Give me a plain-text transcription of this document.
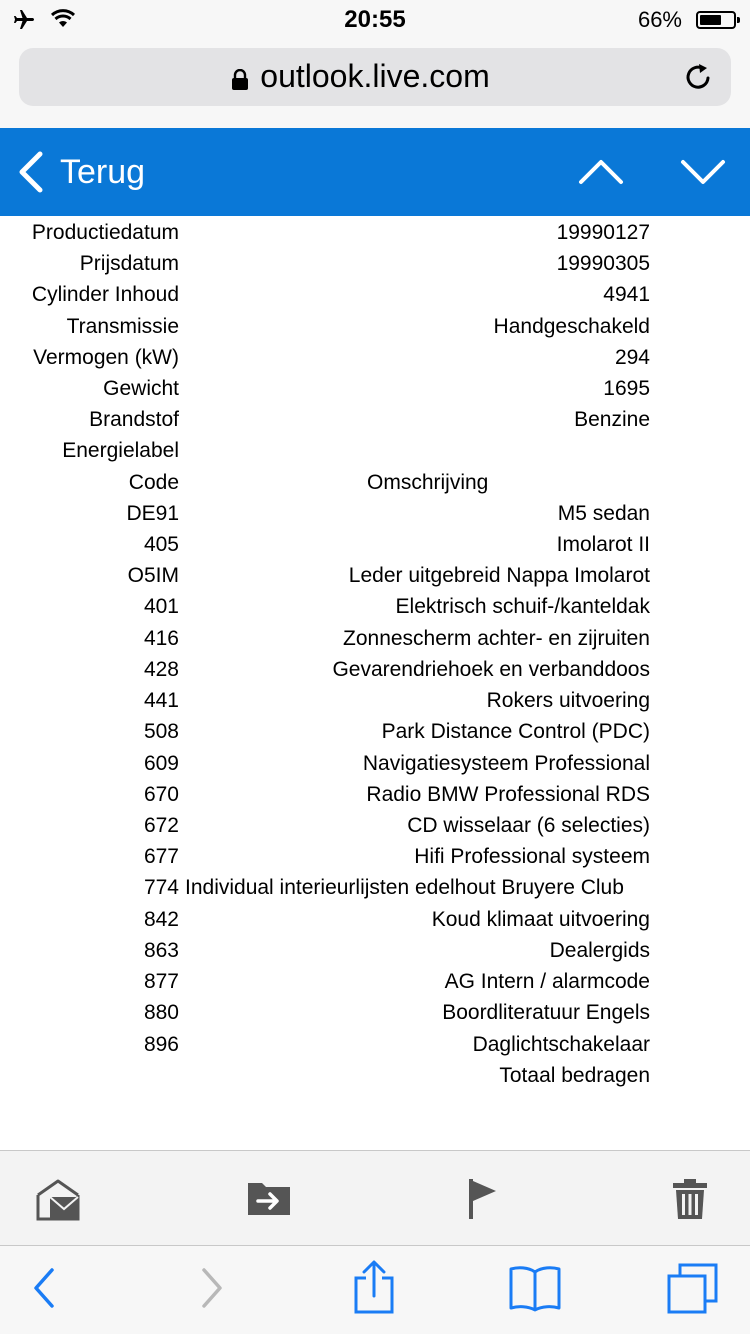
20:55	66%
outlook.live.com
Terug
Productiedatum	19990127
Prijsdatum	19990305
Cylinder Inhoud	4941
Transmissie	Handgeschakeld
Vermogen (kW)	294
Gewicht	1695
Brandstof	Benzine
Energielabel
Code	Omschrijving
DE91	M5 sedan
405	Imolarot II
O5IM	Leder uitgebreid Nappa Imolarot
401	Elektrisch schuif-/kanteldak
416	Zonnescherm achter- en zijruiten
428	Gevarendriehoek en verbanddoos
441	Rokers uitvoering
508	Park Distance Control (PDC)
609	Navigatiesysteem Professional
670	Radio BMW Professional RDS
672	CD wisselaar (6 selecties)
677	Hifi Professional systeem
774 Individual interieurlijsten edelhout Bruyere Club
842	Koud klimaat uitvoering
863	Dealergids
877	AG Intern / alarmcode
880	Boordliteratuur Engels
896	Daglichtschakelaar
Totaal bedragen
